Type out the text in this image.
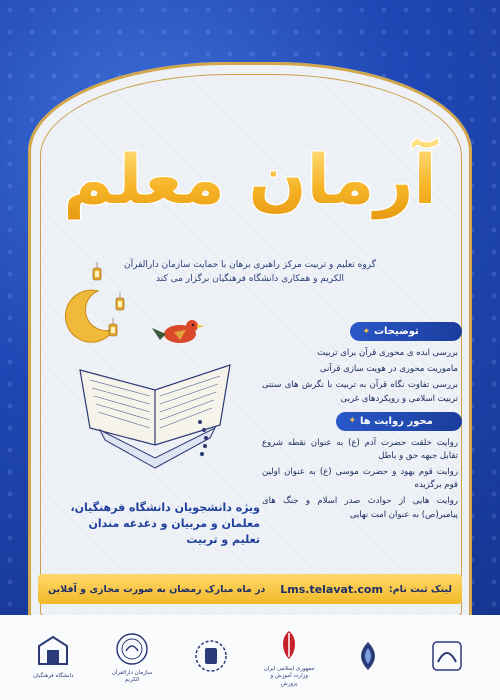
آرمان معلم
گروه تعلیم و تربیت مرکز راهبری برهان با حمایت سازمان دارالقرآن
الکریم و همکاری دانشگاه فرهنگیان برگزار می کند
توضیحات
✦
بررسی ایده ی محوری قرآن برای تربیت
ماموریت محوری در هویت سازی قرآنی
بررسی تفاوت نگاه قرآن به تربیت با نگرش های سنتی تربیت اسلامی و رویکردهای غربی
محور روایت ها
✦
روایت خلقت حضرت آدم (ع) به عنوان نقطه شروع تقابل جبهه حق و باطل
روایت قوم یهود و حضرت موسی (ع) به عنوان اولین قوم برگزیده
روایت هایی از حوادث صدر اسلام و جنگ های پیامبر(ص) به عنوان امت نهایی
ویژه دانشجویان دانشگاه فرهنگیان،
معلمان و مربیان و دغدغه مندان
تعلیم و تربیت
در ماه مبارک رمضان به صورت مجازی و آفلاین	لینک ثبت نام:
Lms.telavat.com
دانشگاه فرهنگیان
سازمان دارالقرآن الکریم
جمهوری اسلامی ایران وزارت آموزش و پرورش
